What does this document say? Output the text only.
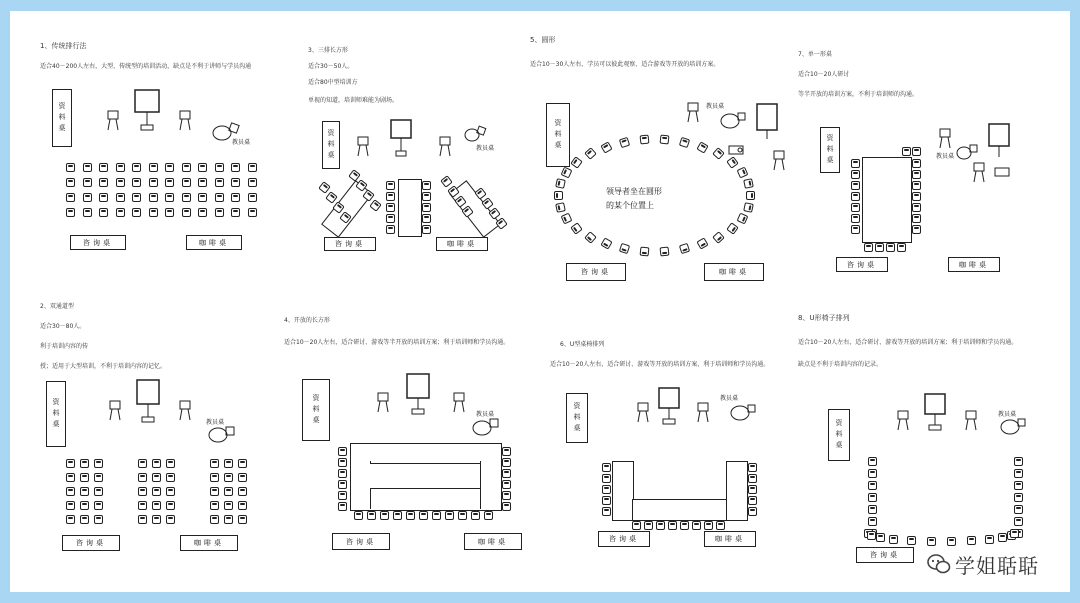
1、传统排行法
适合40－200人左右，大型、传统型的培训活动，缺点是不利于讲师与学员沟通
资料桌
教员桌
咨询桌	咖啡桌
3、三排长方形
适合30－50人。
适合80中型培训方
单视的知道，培训师难能为剧场。
资料桌	教员桌
咨询桌	咖啡桌
5、圆形
适合10－30人左右、学员可以彼此观察、适合游戏等开放的培训方案。
资料桌
教员桌
领导者坐在圆形
的某个位置上
咨询桌	咖啡桌
7、单一形桌
适合10－20人研讨
等半开放的培训方案，不利于培训师的沟通。
资料桌	教员桌
咨询桌	咖啡桌
2、双通道型
适合30－80人。
利于培训内容的传
授；适用于大型培训，不利于培训内容的记忆。
资料桌	教员桌
咨询桌	咖啡桌
4、开放的长方形
适合10－20人左右，适合研讨、游戏等半开放的培训方案；利于培训师和学员沟通。
资料桌	教员桌
咨询桌	咖啡桌
6、U型桌椅排列
适合10－20人左右，适合研讨、游戏等开放的培训方案，利于培训师和学员沟通。
资料桌
教员桌
咨询桌	咖啡桌
8、U形椅子排列
适合10－20人左右，适合研讨、游戏等开放的培训方案；利于培训师和学员沟通。
缺点是不利于培训内容的记录。
资料桌
教员桌
咨询桌	学姐聒聒
